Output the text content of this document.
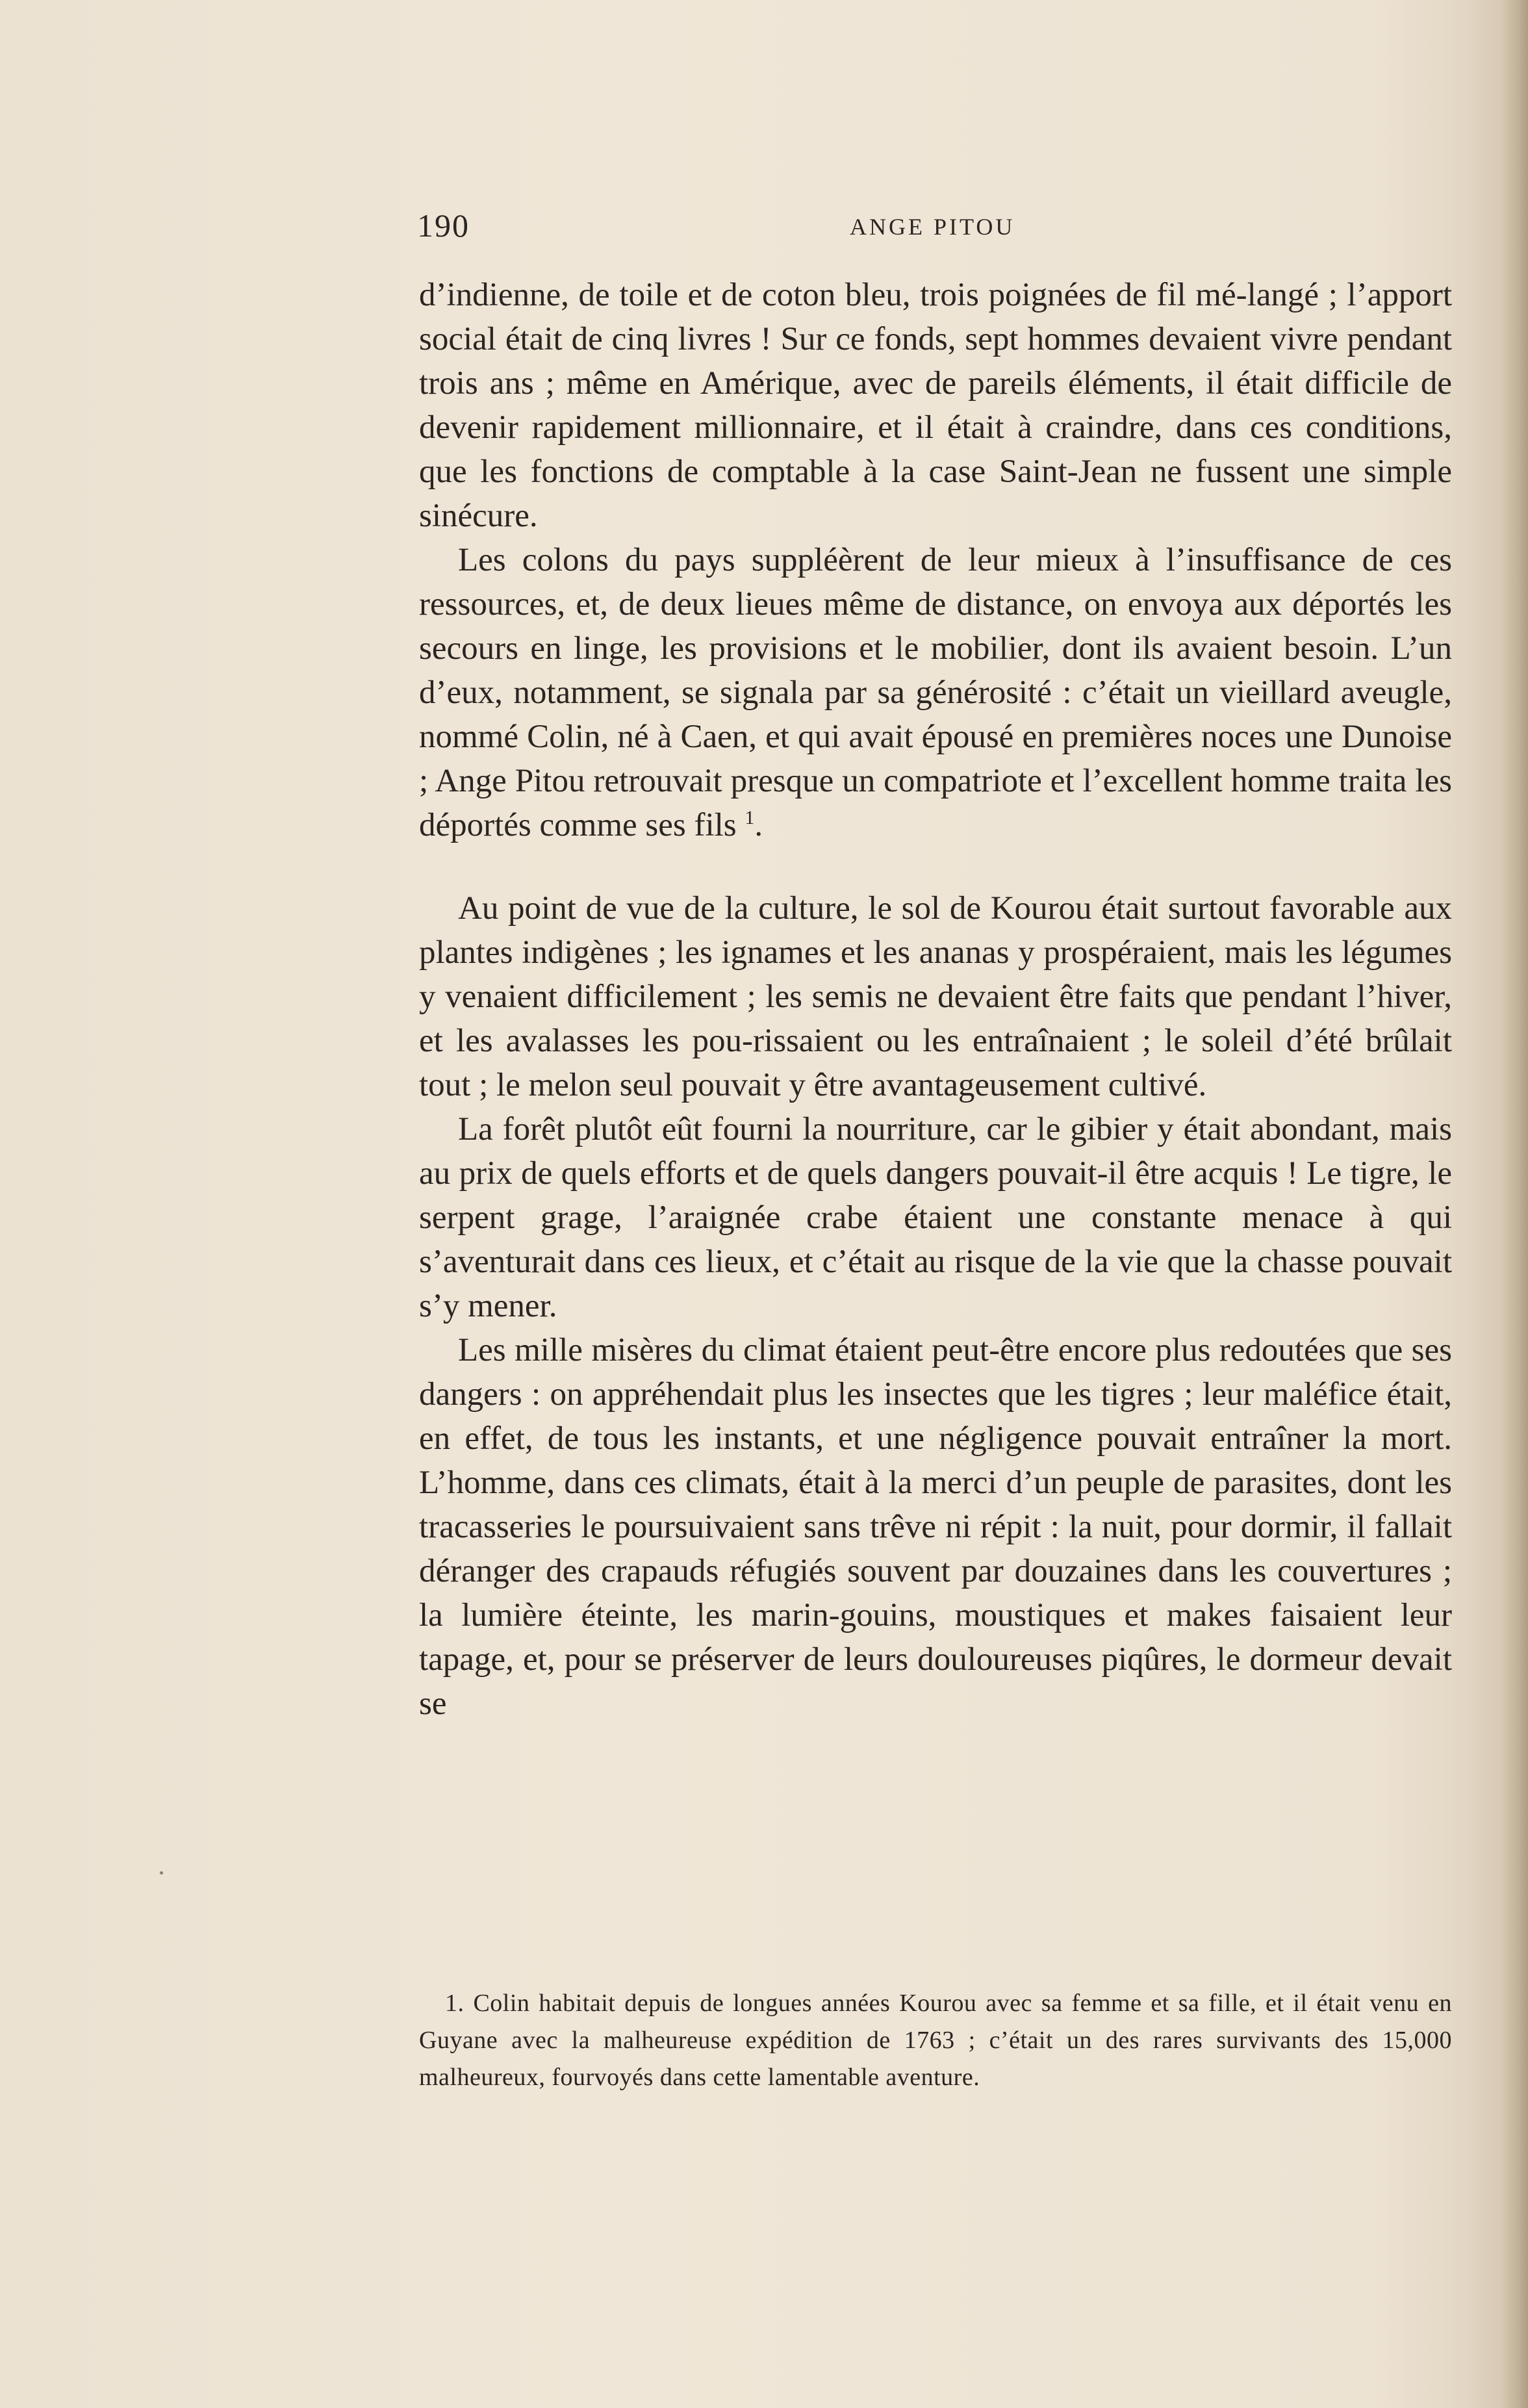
190	ANGE PITOU

d’indienne, de toile et de coton bleu, trois poignées de fil mé-langé ; l’apport social était de cinq livres ! Sur ce fonds, sept hommes devaient vivre pendant trois ans ; même en Amérique, avec de pareils éléments, il était difficile de devenir rapidement millionnaire, et il était à craindre, dans ces conditions, que les fonctions de comptable à la case Saint-Jean ne fussent une simple sinécure.

Les colons du pays suppléèrent de leur mieux à l’insuffisance de ces ressources, et, de deux lieues même de distance, on envoya aux déportés les secours en linge, les provisions et le mobilier, dont ils avaient besoin. L’un d’eux, notamment, se signala par sa générosité : c’était un vieillard aveugle, nommé Colin, né à Caen, et qui avait épousé en premières noces une Dunoise ; Ange Pitou retrouvait presque un compatriote et l’excellent homme traita les déportés comme ses fils $^1$.

Au point de vue de la culture, le sol de Kourou était surtout favorable aux plantes indigènes ; les ignames et les ananas y prospéraient, mais les légumes y venaient difficilement ; les semis ne devaient être faits que pendant l’hiver, et les avalasses les pou-rissaient ou les entraînaient ; le soleil d’été brûlait tout ; le melon seul pouvait y être avantageusement cultivé.

La forêt plutôt eût fourni la nourriture, car le gibier y était abondant, mais au prix de quels efforts et de quels dangers pouvait-il être acquis ! Le tigre, le serpent grage, l’araignée crabe étaient une constante menace à qui s’aventurait dans ces lieux, et c’était au risque de la vie que la chasse pouvait s’y mener.

Les mille misères du climat étaient peut-être encore plus redoutées que ses dangers : on appréhendait plus les insectes que les tigres ; leur maléfice était, en effet, de tous les instants, et une négligence pouvait entraîner la mort. L’homme, dans ces climats, était à la merci d’un peuple de parasites, dont les tracasseries le poursuivaient sans trêve ni répit : la nuit, pour dormir, il fallait déranger des crapauds réfugiés souvent par douzaines dans les couvertures ; la lumière éteinte, les marin-gouins, moustiques et makes faisaient leur tapage, et, pour se préserver de leurs douloureuses piqûres, le dormeur devait se

1. Colin habitait depuis de longues années Kourou avec sa femme et sa fille, et il était venu en Guyane avec la malheureuse expédition de 1763 ; c’était un des rares survivants des 15,000 malheureux, fourvoyés dans cette lamentable aventure.
